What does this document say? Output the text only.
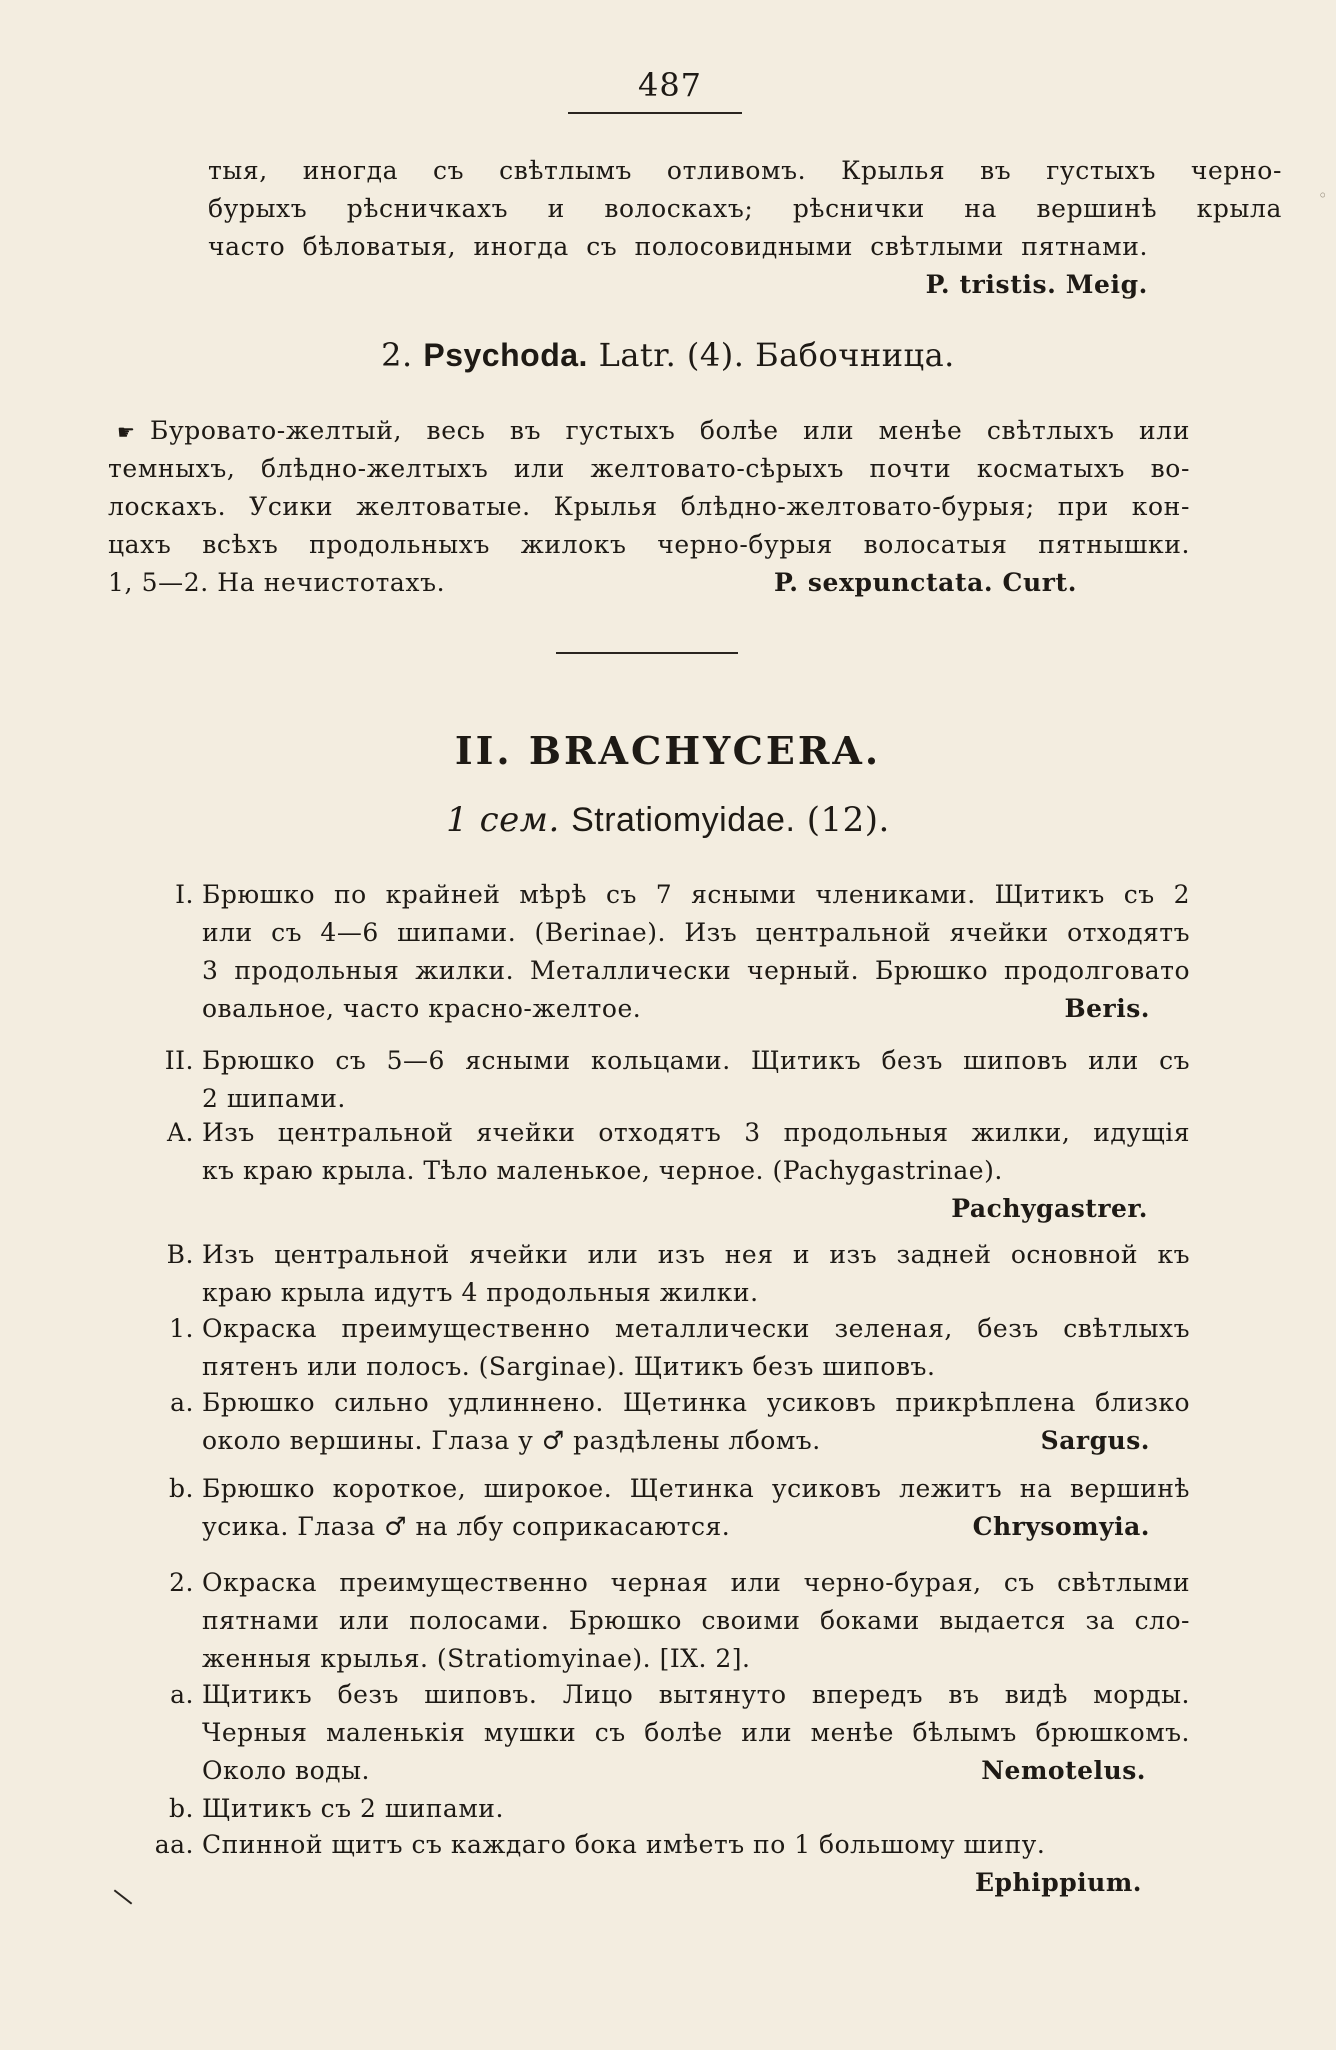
487
◦
тыя, иногда съ свѣтлымъ отливомъ. Крылья въ густыхъ черно-
бурыхъ рѣсничкахъ и волоскахъ; рѣснички на вершинѣ крыла
часто бѣловатыя, иногда съ полосовидными свѣтлыми пятнами.
P. tristis. Meig.
2. Psychoda. Latr. (4). Бабочница.
☛ Буровато-желтый, весь въ густыхъ болѣе или менѣе свѣтлыхъ или
темныхъ, блѣдно-желтыхъ или желтовато-сѣрыхъ почти косматыхъ во-
лоскахъ. Усики желтоватые. Крылья блѣдно-желтовато-бурыя; при кон-
цахъ всѣхъ продольныхъ жилокъ черно-бурыя волосатыя пятнышки.
1, 5—2. На нечистотахъ.	P. sexpunctata. Curt.
II. BRACHYCERA.
1 сем. Stratiomyidae. (12).
I. Брюшко по крайней мѣрѣ съ 7 ясными члениками. Щитикъ съ 2
или съ 4—6 шипами. (Berinae). Изъ центральной ячейки отходятъ
3 продольныя жилки. Металлически черный. Брюшко продолговато
овальное, часто красно-желтое.	Beris.
II. Брюшко съ 5—6 ясными кольцами. Щитикъ безъ шиповъ или съ
2 шипами.
A. Изъ центральной ячейки отходятъ 3 продольныя жилки, идущія
къ краю крыла. Тѣло маленькое, черное. (Pachygastrinae).
Pachygastrer.
B. Изъ центральной ячейки или изъ нея и изъ задней основной къ
краю крыла идутъ 4 продольныя жилки.
1. Окраска преимущественно металлически зеленая, безъ свѣтлыхъ
пятенъ или полосъ. (Sarginae). Щитикъ безъ шиповъ.
a. Брюшко сильно удлиннено. Щетинка усиковъ прикрѣплена близко
около вершины. Глаза у ♂ раздѣлены лбомъ.	Sargus.
b. Брюшко короткое, широкое. Щетинка усиковъ лежитъ на вершинѣ
усика. Глаза ♂ на лбу соприкасаются.	Chrysomyia.
2. Окраска преимущественно черная или черно-бурая, съ свѣтлыми
пятнами или полосами. Брюшко своими боками выдается за сло-
женныя крылья. (Stratiomyinae). [IX. 2].
a. Щитикъ безъ шиповъ. Лицо вытянуто впередъ въ видѣ морды.
Черныя маленькія мушки съ болѣе или менѣе бѣлымъ брюшкомъ.
Около воды.	Nemotelus.
b. Щитикъ съ 2 шипами.
aa. Спинной щитъ съ каждаго бока имѣетъ по 1 большому шипу.
Ephippium.
